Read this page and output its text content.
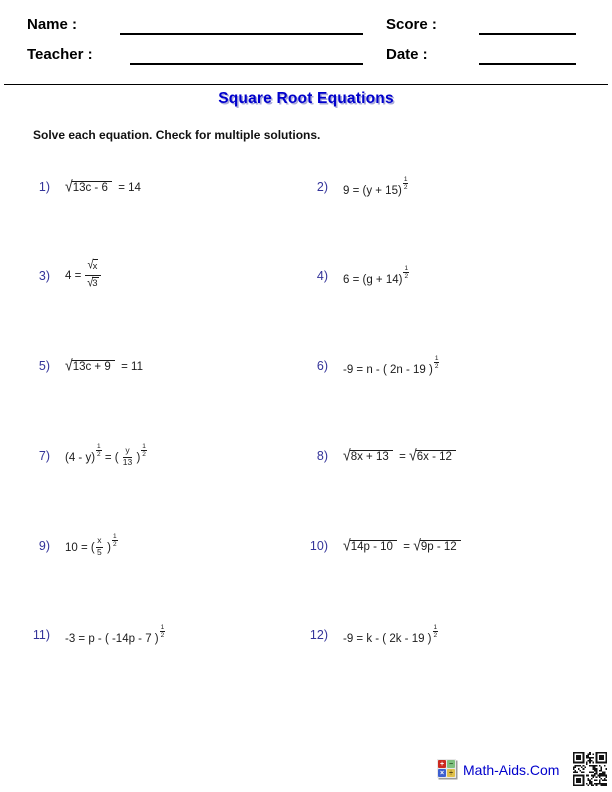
Name :	Score :
Teacher :	Date :
Square Root Equations
Solve each equation. Check for multiple solutions.
1) √13c - 6  = 14	2) $9 = (y + 15) \frac{1}{2}$
3) $4 = \frac{√x}{√3}$	4) $6 = (g + 14) \frac{1}{2}$
5) √13c + 9  = 11	6) -9 = n - ( 2n - 19 ) $\frac{1}{2}$
7) $(4 - y) \frac{1}{2}$ = ( $\frac{y}{13}$ ) $\frac{1}{2}$	8) √8x + 13  = √6x - 12
9) 10 = ( $\frac{x}{5}$ ) $\frac{1}{2}$	10) √14p - 10  = √9p - 12
11) -3 = p - ( -14p - 7 ) $\frac{1}{2}$	12) -9 = k - ( 2k - 19 ) $\frac{1}{2}$
+ −
× ÷ Math-Aids.Com
